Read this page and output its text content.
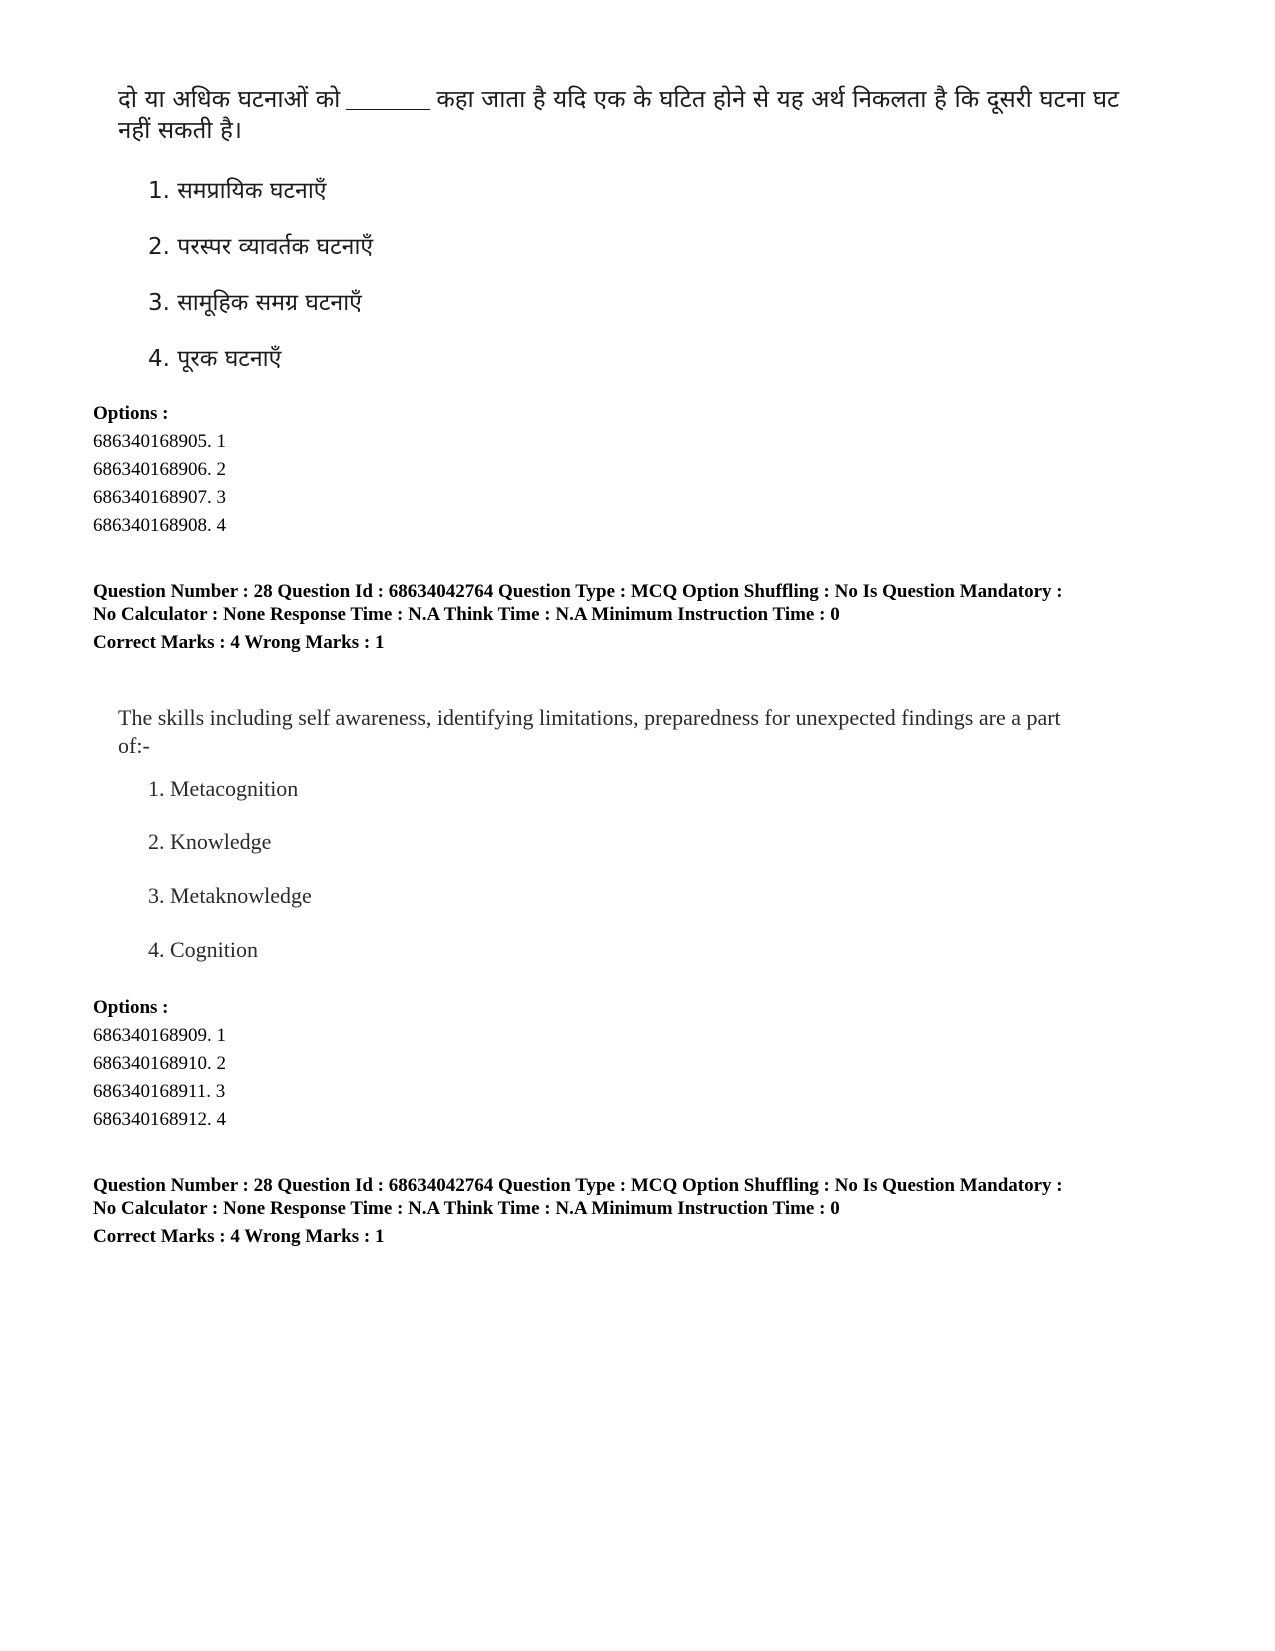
दो या अधिक घटनाओं को	कहा जाता है यदि एक के घटित होने से यह अर्थ निकलता है कि दूसरी घटना घट
नहीं सकती है।
1. समप्रायिक घटनाएँ
2. परस्पर व्यावर्तक घटनाएँ
3. सामूहिक समग्र घटनाएँ
4. पूरक घटनाएँ
Options :
686340168905. 1
686340168906. 2
686340168907. 3
686340168908. 4
Question Number : 28 Question Id : 68634042764 Question Type : MCQ Option Shuffling : No Is Question Mandatory :
No Calculator : None Response Time : N.A Think Time : N.A Minimum Instruction Time : 0
Correct Marks : 4 Wrong Marks : 1
The skills including self awareness, identifying limitations, preparedness for unexpected findings are a part
of:-
1. Metacognition
2. Knowledge
3. Metaknowledge
4. Cognition
Options :
686340168909. 1
686340168910. 2
686340168911. 3
686340168912. 4
Question Number : 28 Question Id : 68634042764 Question Type : MCQ Option Shuffling : No Is Question Mandatory :
No Calculator : None Response Time : N.A Think Time : N.A Minimum Instruction Time : 0
Correct Marks : 4 Wrong Marks : 1
